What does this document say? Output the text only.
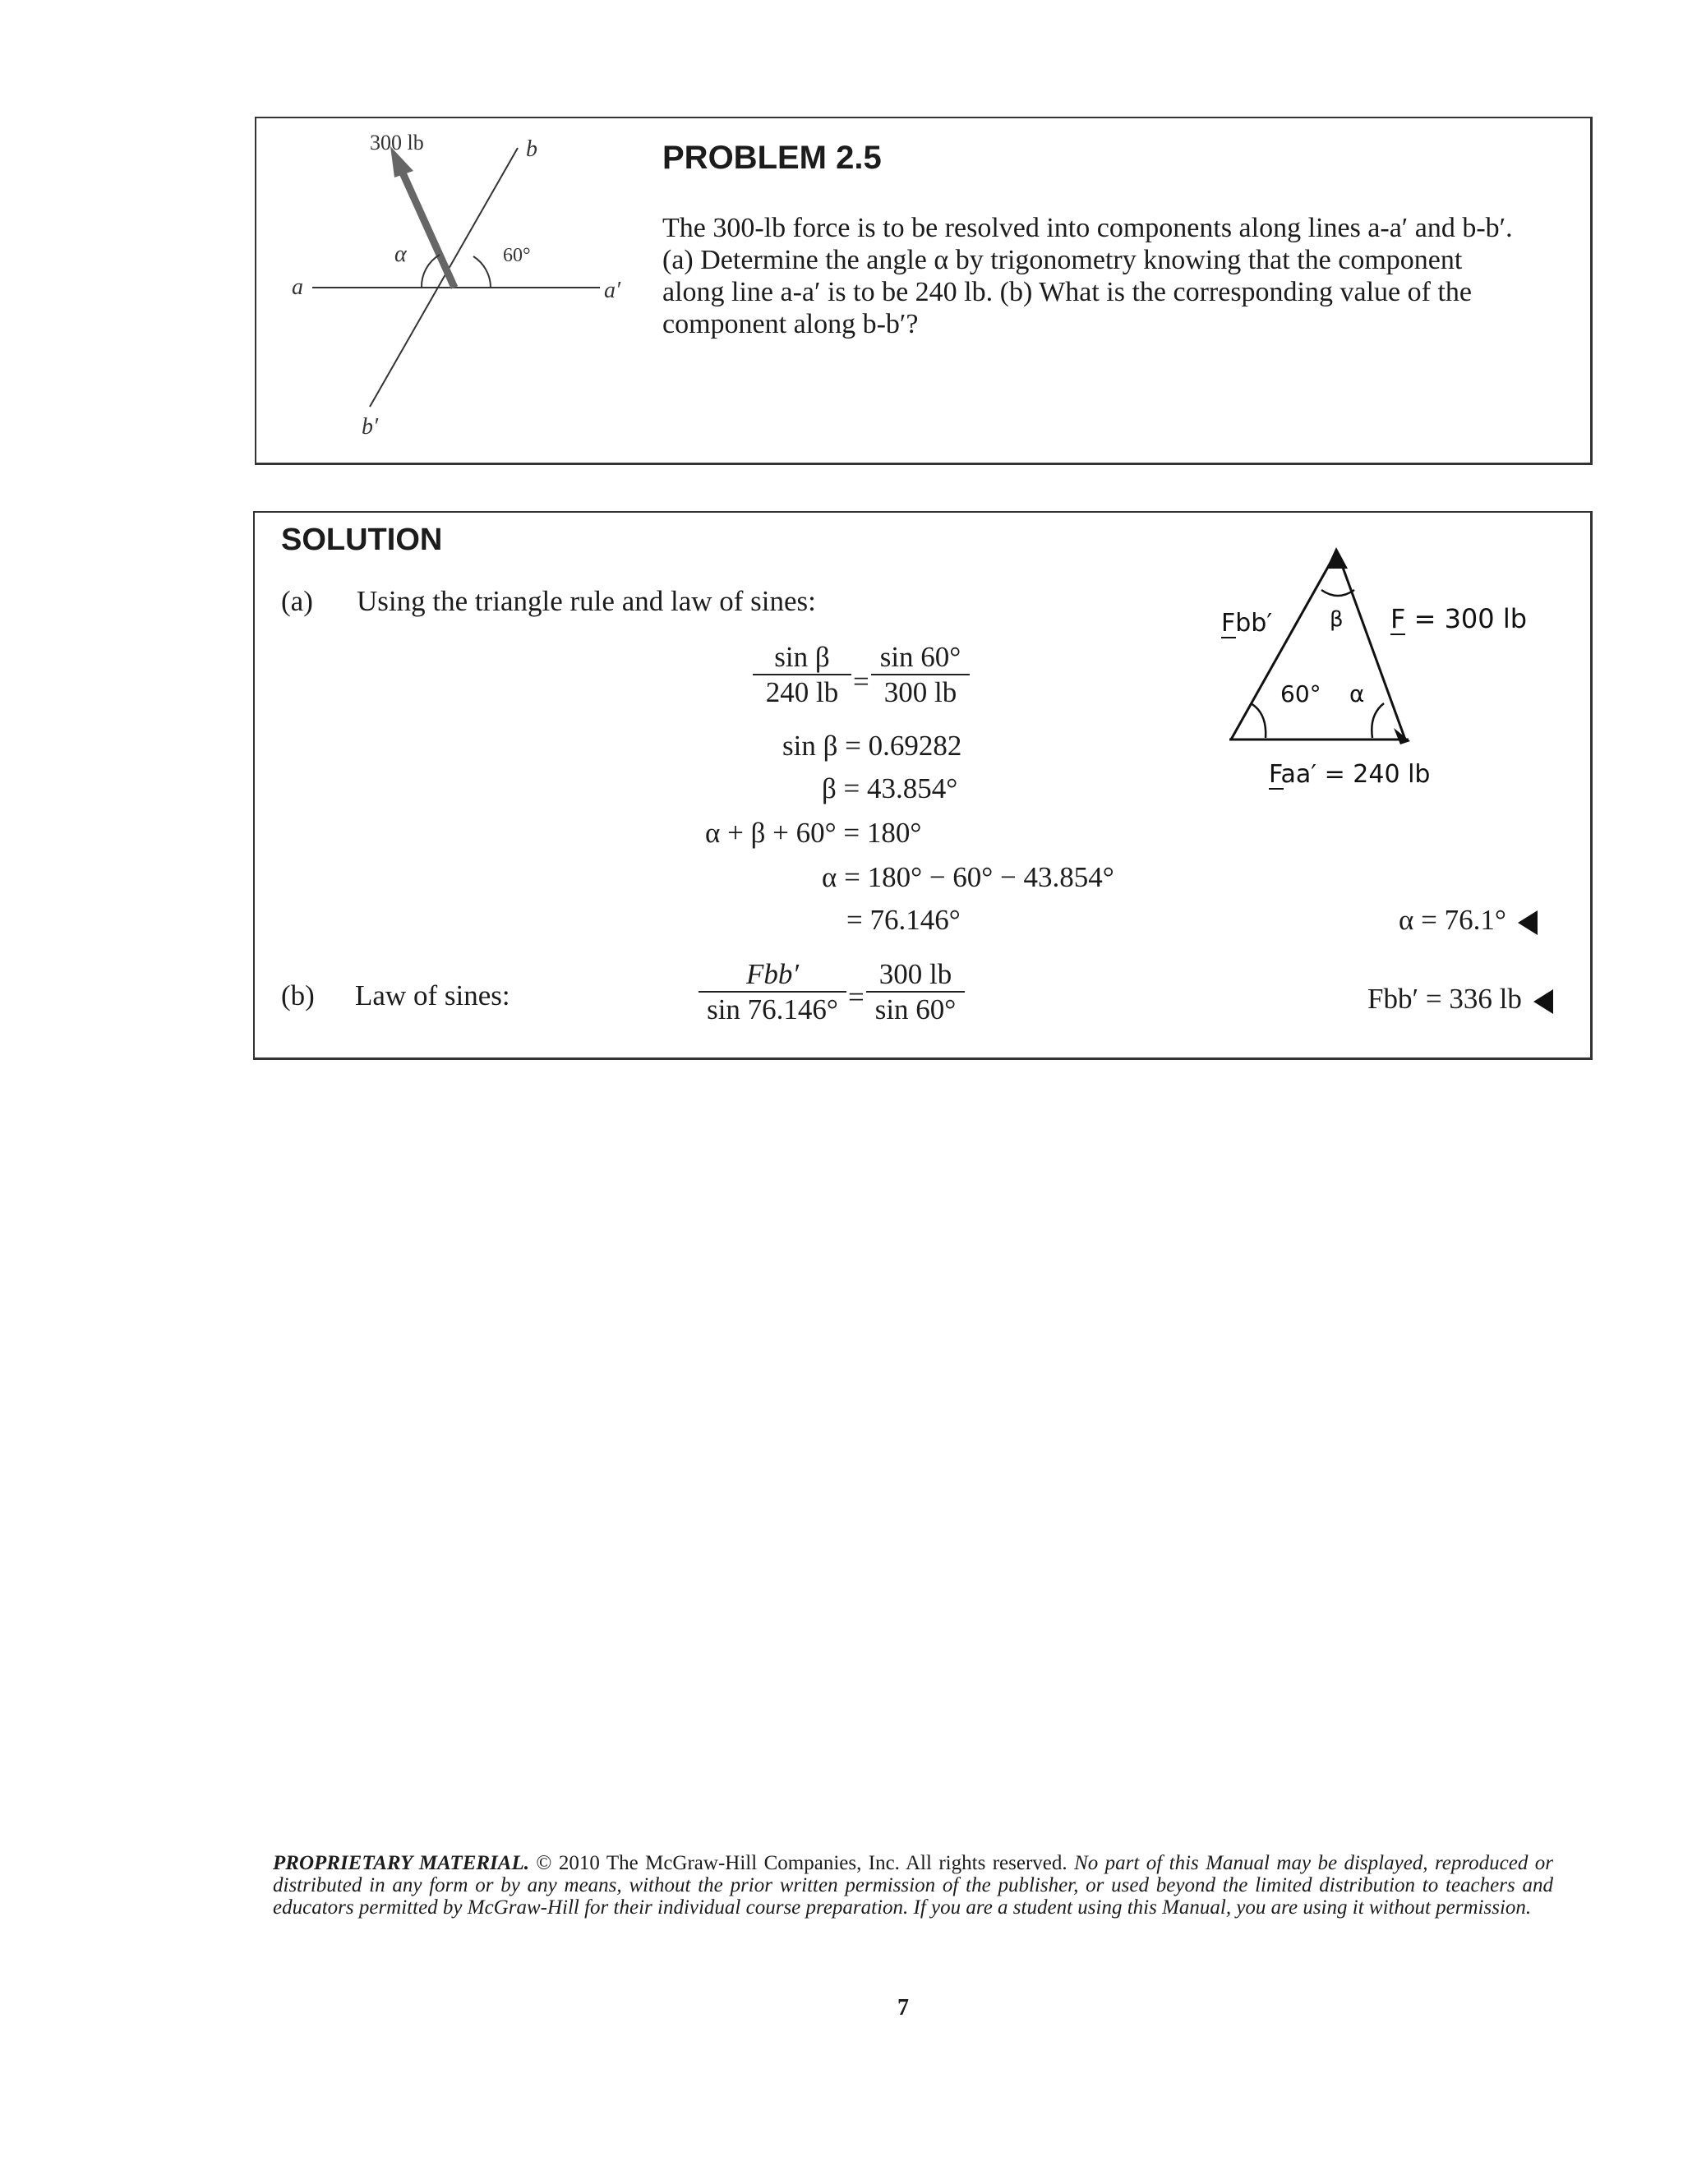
300 lb	b
b′
a	a′
α	60°
PROBLEM 2.5
The 300-lb force is to be resolved into components along lines a-a′ and b-b′.
(a) Determine the angle α by trigonometry knowing that the component
along line a-a′ is to be 240 lb. (b) What is the corresponding value of the
component along b-b′?
SOLUTION
(a) Using the triangle rule and law of sines:
$\frac{\text{sin β}}{240 lb} = \frac{\sin 60^\circ}{300 lb}$
sin β = 0.69282
β = 43.854°
α + β + 60° = 180°
α = 180° − 60° − 43.854°
= 76.146°	α = 76.1°
(b) Law of sines:
Fbb′
$\sin 76.146^\circ = \frac{300 lb}{\sin 60^\circ}$	Fbb′ = 336 lb
Fbb′	β F = 300 lb
60° α
Faa′ = 240 lb
PROPRIETARY MATERIAL. © 2010 The McGraw-Hill Companies, Inc. All rights reserved. No part of this Manual may be displayed, reproduced or distributed in any form or by any means, without the prior written permission of the publisher, or used beyond the limited distribution to teachers and educators permitted by McGraw-Hill for their individual course preparation. If you are a student using this Manual, you are using it without permission.
7
